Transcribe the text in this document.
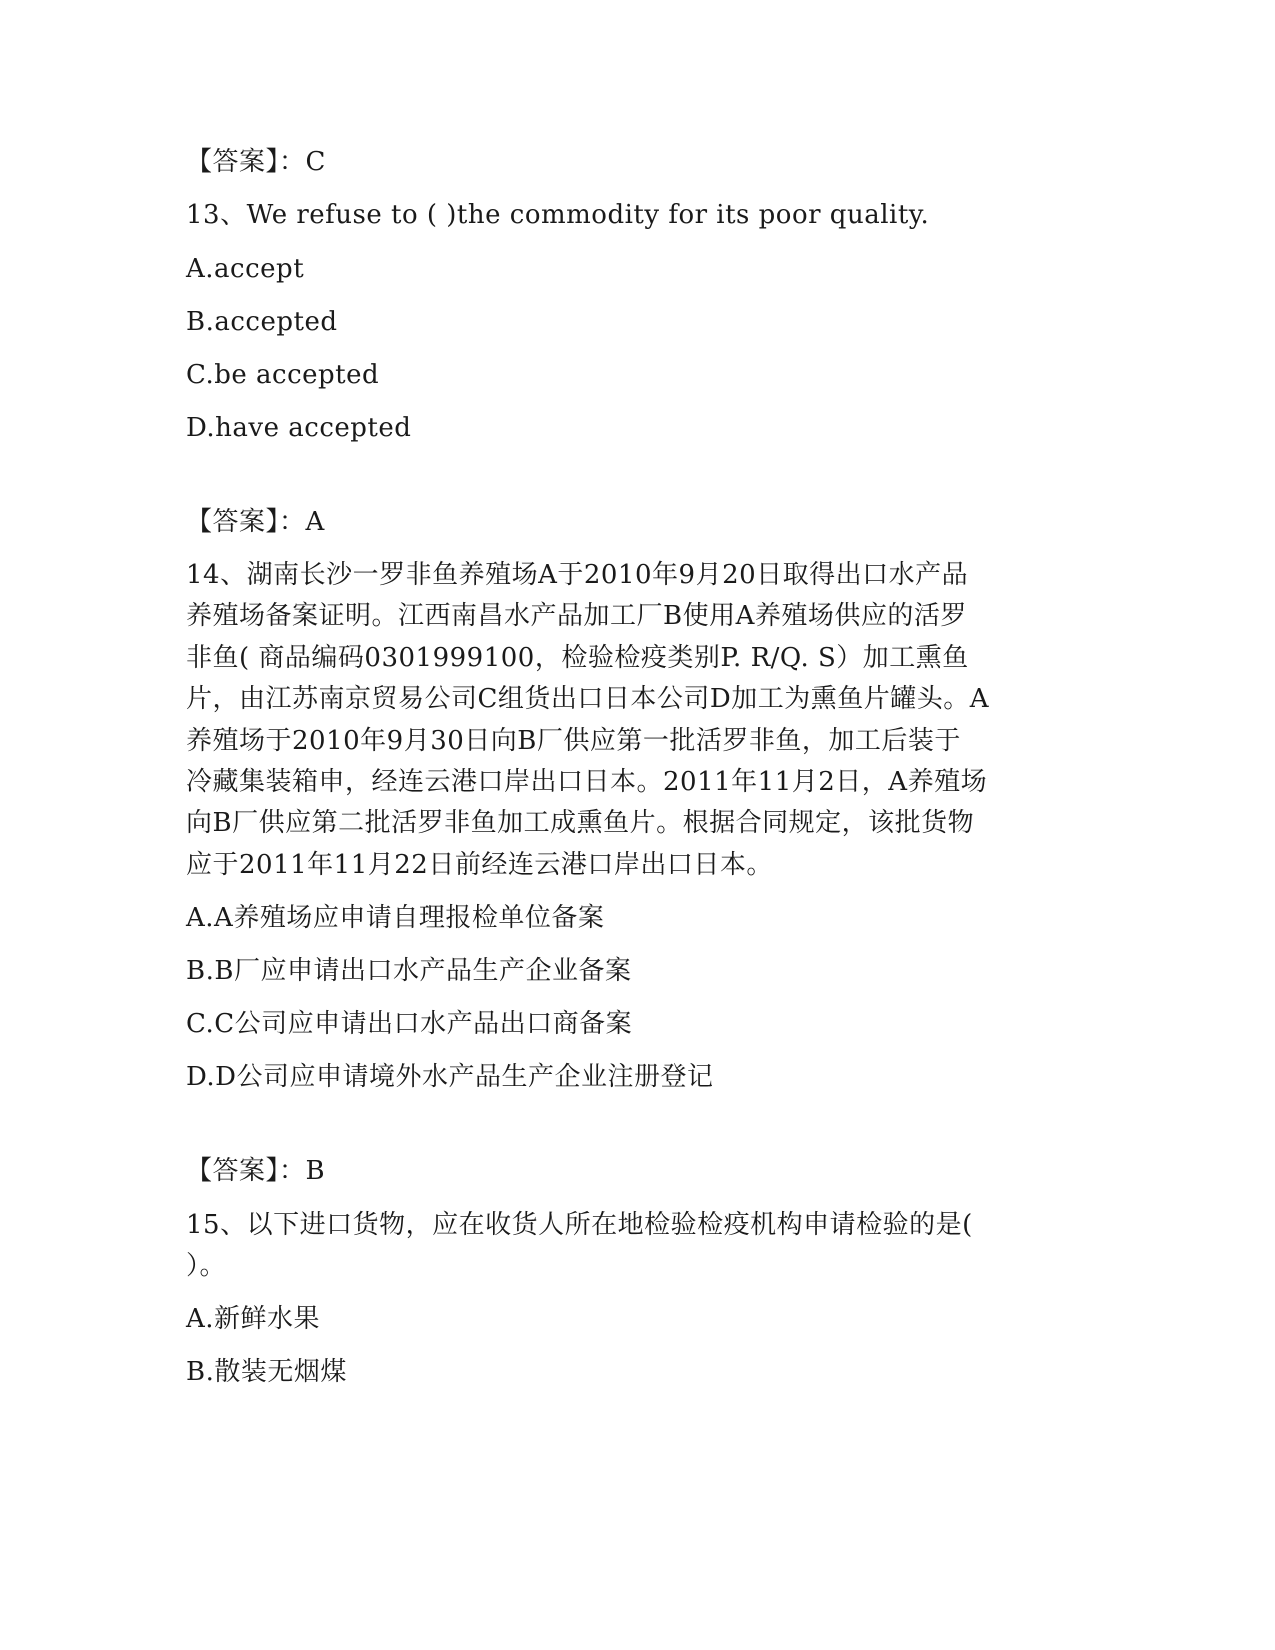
【答案】：C
13、We refuse to ( )the commodity for its poor quality.
A.accept
B.accepted
C.be accepted
D.have accepted
【答案】：A
14、湖南长沙一罗非鱼养殖场A于2010年9月20日取得出口水产品
养殖场备案证明。江西南昌水产品加工厂B使用A养殖场供应的活罗
非鱼( 商品编码0301999100，检验检疫类别P. R/Q. S）加工熏鱼
片，由江苏南京贸易公司C组货出口日本公司D加工为熏鱼片罐头。A
养殖场于2010年9月30日向B厂供应第一批活罗非鱼，加工后装于
冷藏集装箱申，经连云港口岸出口日本。2011年11月2日，A养殖场
向B厂供应第二批活罗非鱼加工成熏鱼片。根据合同规定，该批货物
应于2011年11月22日前经连云港口岸出口日本。
A.A养殖场应申请自理报检单位备案
B.B厂应申请出口水产品生产企业备案
C.C公司应申请出口水产品出口商备案
D.D公司应申请境外水产品生产企业注册登记
【答案】：B
15、以下进口货物，应在收货人所在地检验检疫机构申请检验的是(
）。
A.新鲜水果
B.散装无烟煤
